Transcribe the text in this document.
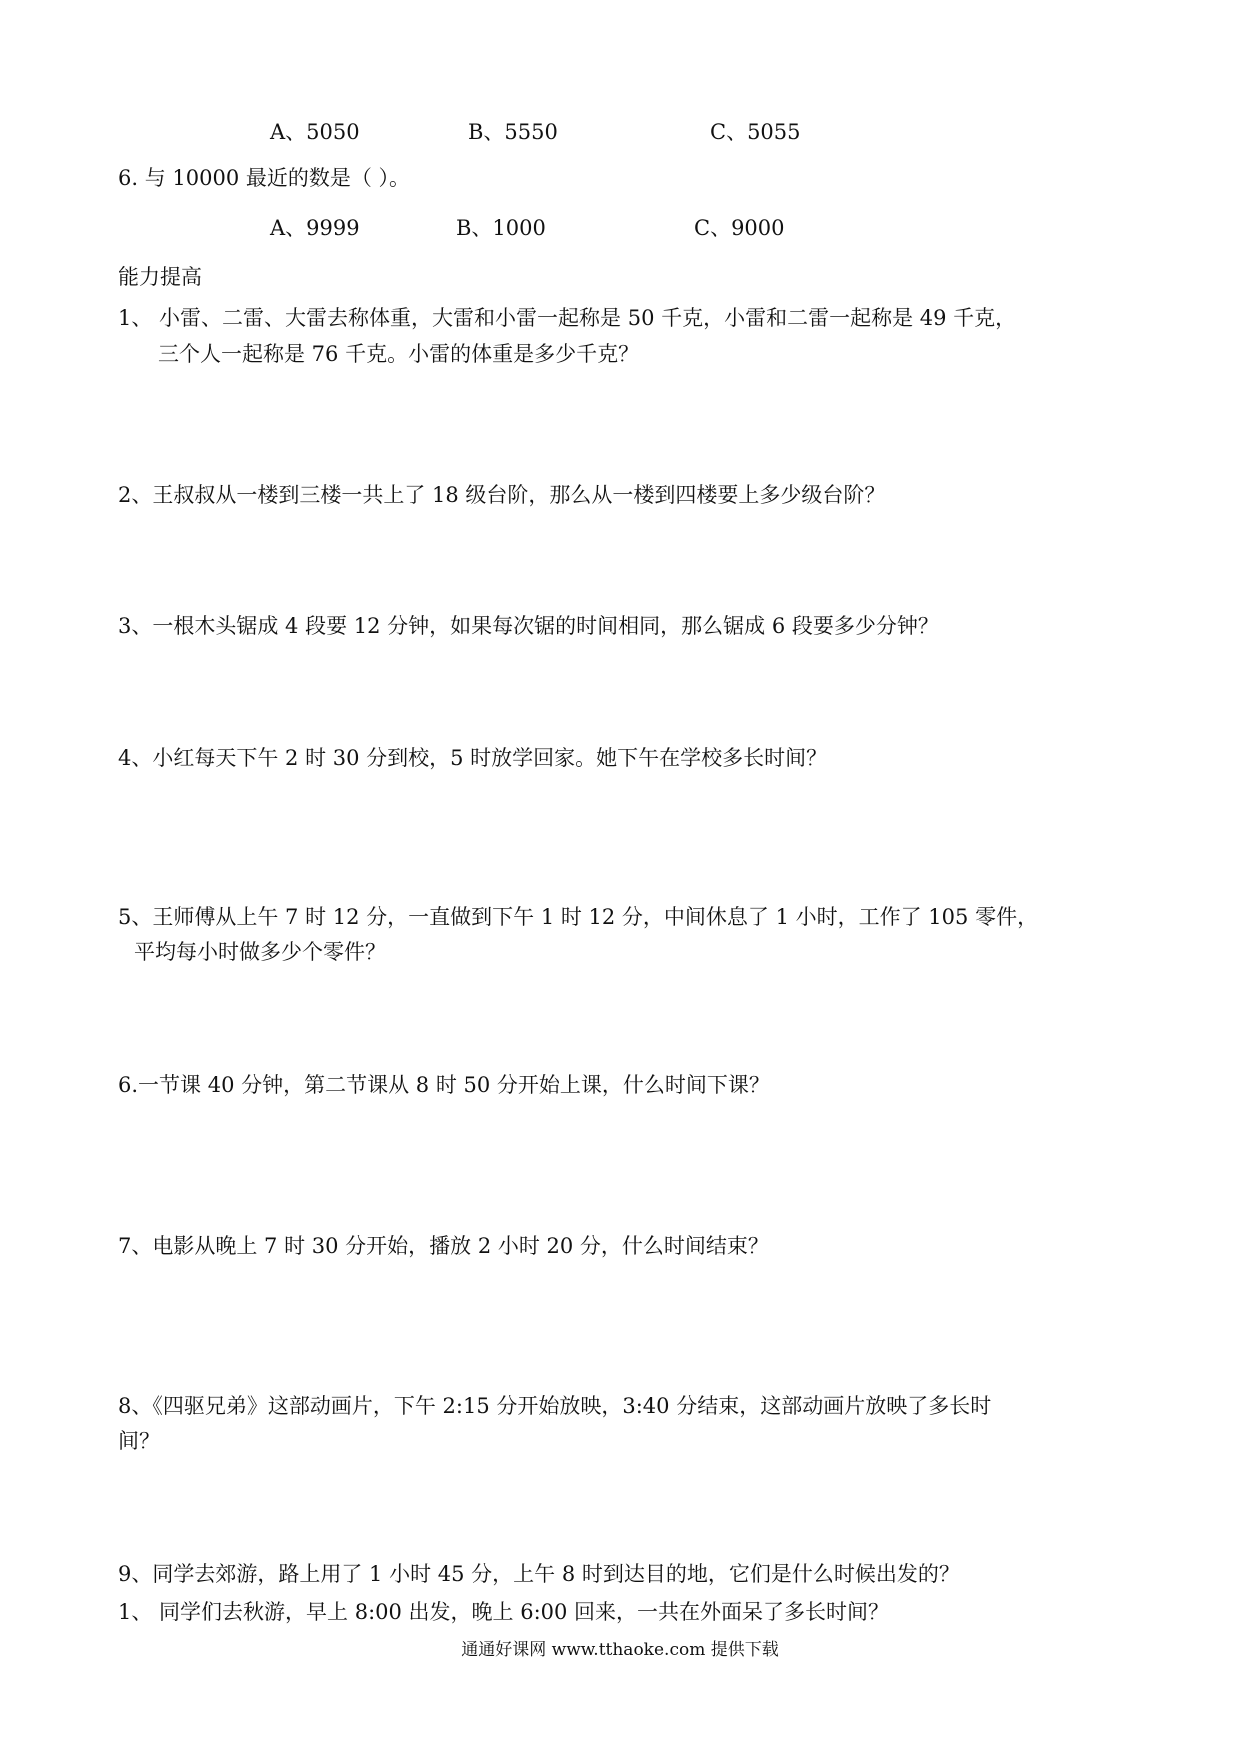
A、5050	B、5550	C、5055
6. 与 10000 最近的数是（ ）。
A、9999	B、1000	C、9000
能力提高
1、 小雷、二雷、大雷去称体重，大雷和小雷一起称是 50 千克，小雷和二雷一起称是 49 千克，
三个人一起称是 76 千克。小雷的体重是多少千克？
2、王叔叔从一楼到三楼一共上了 18 级台阶，那么从一楼到四楼要上多少级台阶？
3、一根木头锯成 4 段要 12 分钟，如果每次锯的时间相同，那么锯成 6 段要多少分钟？
4、小红每天下午 2 时 30 分到校，5 时放学回家。她下午在学校多长时间？
5、王师傅从上午 7 时 12 分，一直做到下午 1 时 12 分，中间休息了 1 小时，工作了 105 零件，
平均每小时做多少个零件？
6.一节课 40 分钟，第二节课从 8 时 50 分开始上课，什么时间下课？
7、电影从晚上 7 时 30 分开始，播放 2 小时 20 分，什么时间结束？
8、《四驱兄弟》这部动画片，下午 2:15 分开始放映，3:40 分结束，这部动画片放映了多长时
间？
9、同学去郊游，路上用了 1 小时 45 分，上午 8 时到达目的地，它们是什么时候出发的？
1、 同学们去秋游，早上 8:00 出发，晚上 6:00 回来，一共在外面呆了多长时间？
通通好课网 www.tthaoke.com 提供下载
